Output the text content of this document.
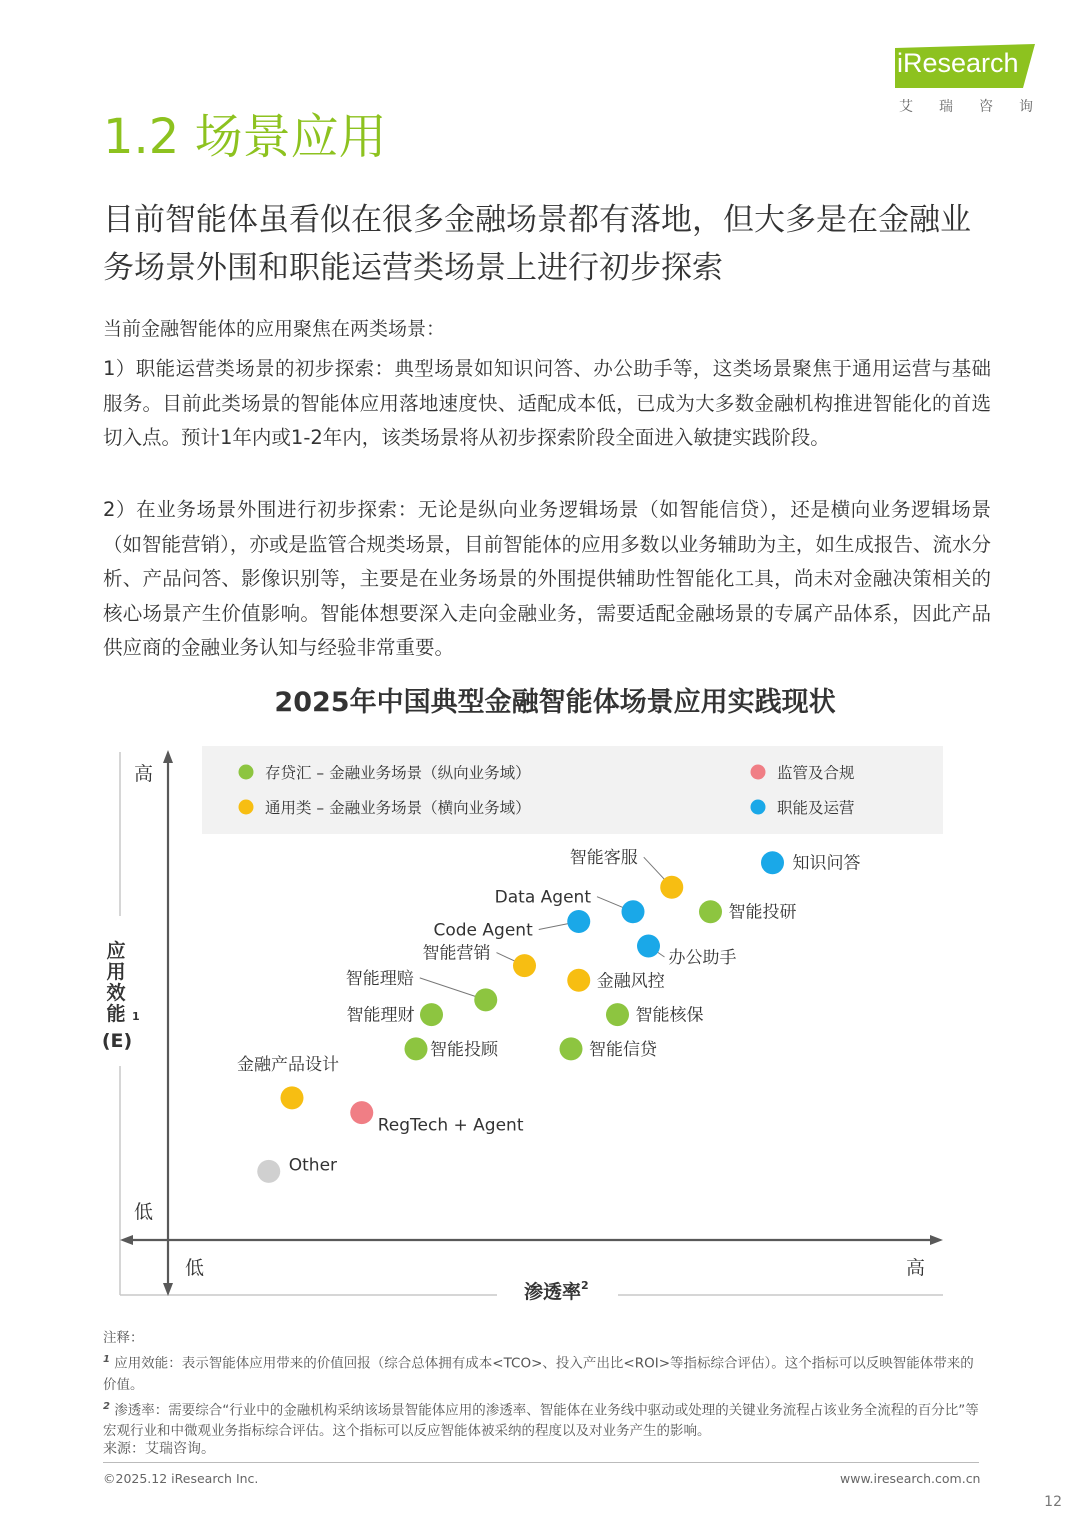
iResearch
艾瑞咨询
1.2 场景应用
目前智能体虽看似在很多金融场景都有落地，但大多是在金融业务场景外围和职能运营类场景上进行初步探索
当前金融智能体的应用聚焦在两类场景：
1）职能运营类场景的初步探索：典型场景如知识问答、办公助手等，这类场景聚焦于通用运营与基础服务。目前此类场景的智能体应用落地速度快、适配成本低，已成为大多数金融机构推进智能化的首选切入点。预计1年内或1-2年内，该类场景将从初步探索阶段全面进入敏捷实践阶段。
2）在业务场景外围进行初步探索：无论是纵向业务逻辑场景（如智能信贷），还是横向业务逻辑场景（如智能营销），亦或是监管合规类场景，目前智能体的应用多数以业务辅助为主，如生成报告、流水分析、产品问答、影像识别等，主要是在业务场景的外围提供辅助性智能化工具，尚未对金融决策相关的核心场景产生价值影响。智能体想要深入走向金融业务，需要适配金融场景的专属产品体系，因此产品供应商的金融业务认知与经验非常重要。
2025年中国典型金融智能体场景应用实践现状
高
低
低	高
应用效能 1
(E)
渗透率 2
存贷汇 – 金融业务场景（纵向业务域）
通用类 – 金融业务场景（横向业务域）
监管及合规
职能及运营
智能客服	知识问答
Data Agent
智能投研
Code Agent
办公助手
智能营销
金融风控
智能理赔
智能核保
智能理财
智能投顾	智能信贷
金融产品设计
RegTech + Agent
Other

注释：

$^1$ 应用效能：表示智能体应用带来的价值回报（综合总体拥有成本<TCO>、投入产出比<ROI>等指标综合评估）。这个指标可以反映智能体带来的价值。

$^2$ 渗透率：需要综合“行业中的金融机构采纳该场景智能体应用的渗透率、智能体在业务线中驱动或处理的关键业务流程占该业务全流程的百分比”等宏观行业和中微观业务指标综合评估。这个指标可以反应智能体被采纳的程度以及对业务产生的影响。

来源：艾瑞咨询。
©2025.12 iResearch Inc.	www.iresearch.com.cn
12
